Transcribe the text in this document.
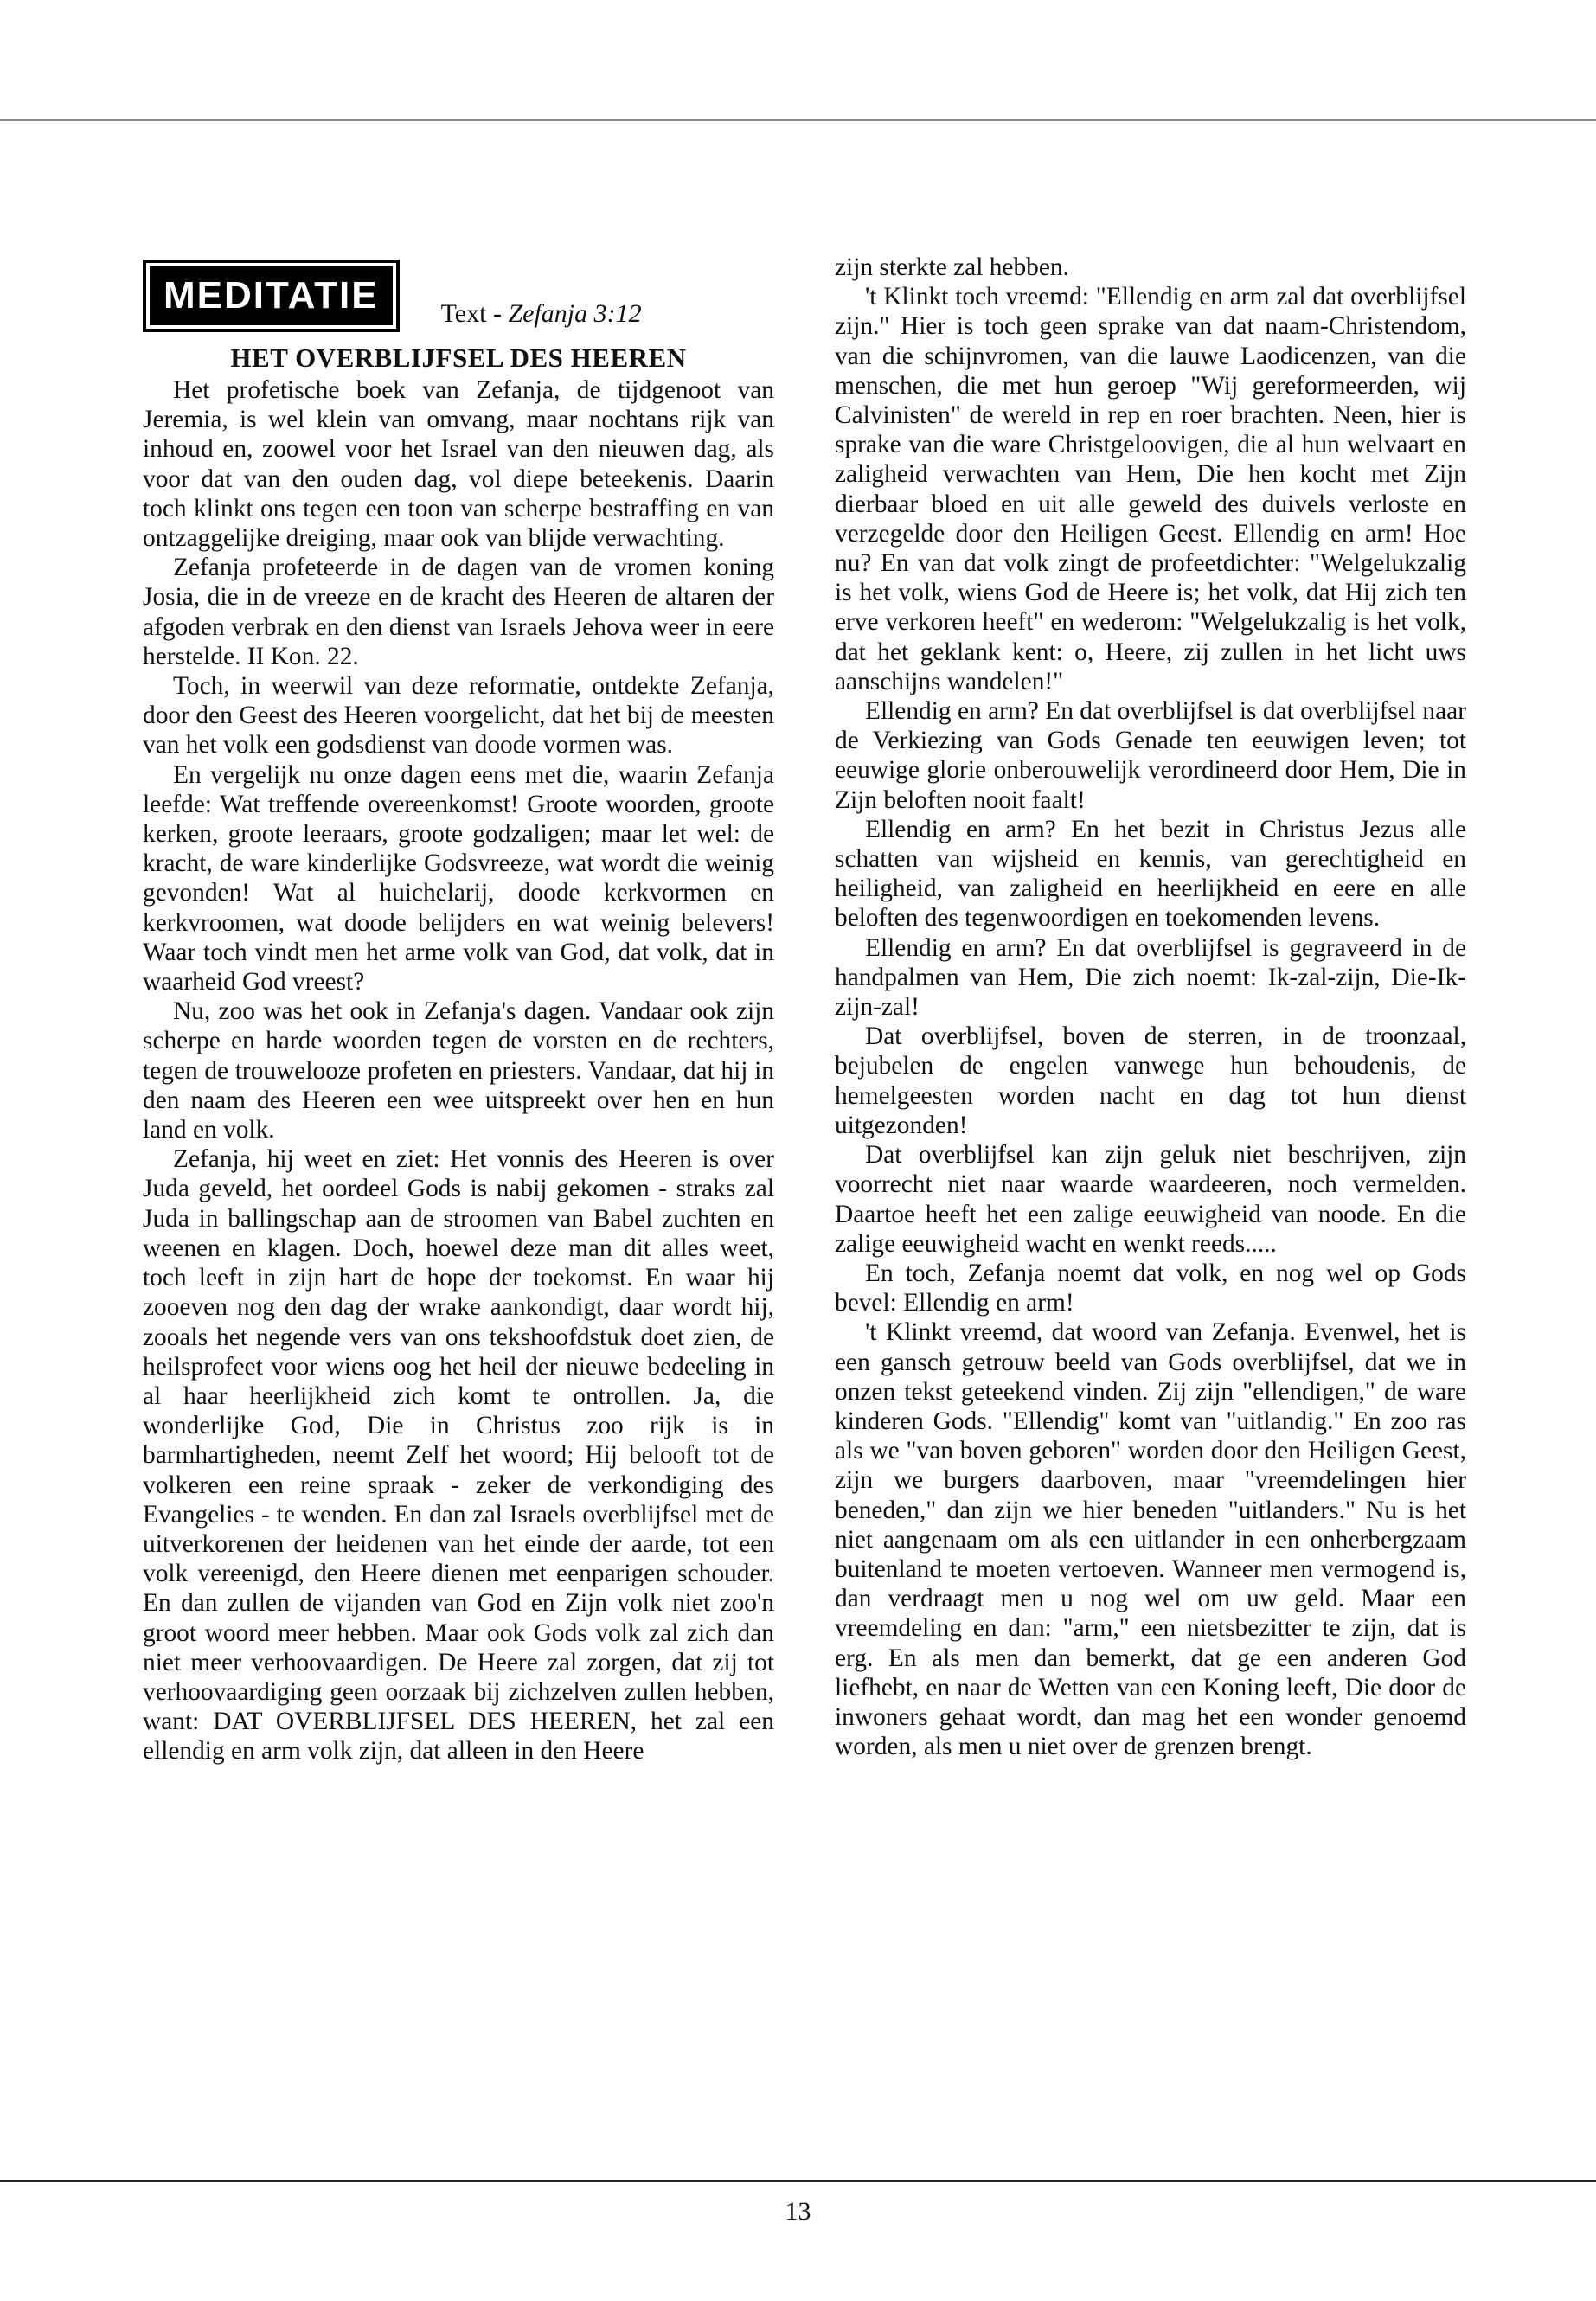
MEDITATIE	Text - Zefanja 3:12
HET OVERBLIJFSEL DES HEEREN

Het profetische boek van Zefanja, de tijdgenoot van Jeremia, is wel klein van omvang, maar nochtans rijk van inhoud en, zoowel voor het Israel van den nieuwen dag, als voor dat van den ouden dag, vol diepe beteekenis. Daarin toch klinkt ons tegen een toon van scherpe bestraffing en van ontzaggelijke dreiging, maar ook van blijde verwachting.

Zefanja profeteerde in de dagen van de vromen koning Josia, die in de vreeze en de kracht des Heeren de altaren der afgoden verbrak en den dienst van Israels Jehova weer in eere herstelde. II Kon. 22.

Toch, in weerwil van deze reformatie, ontdekte Zefanja, door den Geest des Heeren voorgelicht, dat het bij de meesten van het volk een godsdienst van doode vormen was.

En vergelijk nu onze dagen eens met die, waarin Zefanja leefde: Wat treffende overeenkomst! Groote woorden, groote kerken, groote leeraars, groote godzaligen; maar let wel: de kracht, de ware kinderlijke Godsvreeze, wat wordt die weinig gevonden! Wat al huichelarij, doode kerkvormen en kerkvroomen, wat doode belijders en wat weinig belevers! Waar toch vindt men het arme volk van God, dat volk, dat in waarheid God vreest?

Nu, zoo was het ook in Zefanja's dagen. Vandaar ook zijn scherpe en harde woorden tegen de vorsten en de rechters, tegen de trouwelooze profeten en priesters. Vandaar, dat hij in den naam des Heeren een wee uitspreekt over hen en hun land en volk.

Zefanja, hij weet en ziet: Het vonnis des Heeren is over Juda geveld, het oordeel Gods is nabij gekomen - straks zal Juda in ballingschap aan de stroomen van Babel zuchten en weenen en klagen. Doch, hoewel deze man dit alles weet, toch leeft in zijn hart de hope der toekomst. En waar hij zooeven nog den dag der wrake aankondigt, daar wordt hij, zooals het negende vers van ons tekshoofdstuk doet zien, de heilsprofeet voor wiens oog het heil der nieuwe bedeeling in al haar heerlijkheid zich komt te ontrollen. Ja, die wonderlijke God, Die in Christus zoo rijk is in barmhartigheden, neemt Zelf het woord; Hij belooft tot de volkeren een reine spraak - zeker de verkondiging des Evangelies - te wenden. En dan zal Israels overblijfsel met de uitverkorenen der heidenen van het einde der aarde, tot een volk vereenigd, den Heere dienen met eenparigen schouder. En dan zullen de vijanden van God en Zijn volk niet zoo'n groot woord meer hebben. Maar ook Gods volk zal zich dan niet meer verhoovaardigen. De Heere zal zorgen, dat zij tot verhoovaardiging geen oorzaak bij zichzelven zullen hebben, want: DAT OVERBLIJFSEL DES HEEREN, het zal een ellendig en arm volk zijn, dat alleen in den Heere

zijn sterkte zal hebben.

't Klinkt toch vreemd: "Ellendig en arm zal dat overblijfsel zijn." Hier is toch geen sprake van dat naam-Christendom, van die schijnvromen, van die lauwe Laodicenzen, van die menschen, die met hun geroep "Wij gereformeerden, wij Calvinisten" de wereld in rep en roer brachten. Neen, hier is sprake van die ware Christgeloovigen, die al hun welvaart en zaligheid verwachten van Hem, Die hen kocht met Zijn dierbaar bloed en uit alle geweld des duivels verloste en verzegelde door den Heiligen Geest. Ellendig en arm! Hoe nu? En van dat volk zingt de profeetdichter: "Welgelukzalig is het volk, wiens God de Heere is; het volk, dat Hij zich ten erve verkoren heeft" en wederom: "Welgelukzalig is het volk, dat het geklank kent: o, Heere, zij zullen in het licht uws aanschijns wandelen!"

Ellendig en arm? En dat overblijfsel is dat overblijfsel naar de Verkiezing van Gods Genade ten eeuwigen leven; tot eeuwige glorie onberouwelijk verordineerd door Hem, Die in Zijn beloften nooit faalt!

Ellendig en arm? En het bezit in Christus Jezus alle schatten van wijsheid en kennis, van gerechtigheid en heiligheid, van zaligheid en heerlijkheid en eere en alle beloften des tegenwoordigen en toekomenden levens.

Ellendig en arm? En dat overblijfsel is gegraveerd in de handpalmen van Hem, Die zich noemt: Ik-zal-zijn, Die-Ik-zijn-zal!

Dat overblijfsel, boven de sterren, in de troonzaal, bejubelen de engelen vanwege hun behoudenis, de hemelgeesten worden nacht en dag tot hun dienst uitgezonden!

Dat overblijfsel kan zijn geluk niet beschrijven, zijn voorrecht niet naar waarde waardeeren, noch vermelden. Daartoe heeft het een zalige eeuwigheid van noode. En die zalige eeuwigheid wacht en wenkt reeds.....

En toch, Zefanja noemt dat volk, en nog wel op Gods bevel: Ellendig en arm!

't Klinkt vreemd, dat woord van Zefanja. Evenwel, het is een gansch getrouw beeld van Gods overblijfsel, dat we in onzen tekst geteekend vinden. Zij zijn "ellendigen," de ware kinderen Gods. "Ellendig" komt van "uitlandig." En zoo ras als we "van boven geboren" worden door den Heiligen Geest, zijn we burgers daarboven, maar "vreemdelingen hier beneden," dan zijn we hier beneden "uitlanders." Nu is het niet aangenaam om als een uitlander in een onherbergzaam buitenland te moeten vertoeven. Wanneer men vermogend is, dan verdraagt men u nog wel om uw geld. Maar een vreemdeling en dan: "arm," een nietsbezitter te zijn, dat is erg. En als men dan bemerkt, dat ge een anderen God liefhebt, en naar de Wetten van een Koning leeft, Die door de inwoners gehaat wordt, dan mag het een wonder genoemd worden, als men u niet over de grenzen brengt.

13
